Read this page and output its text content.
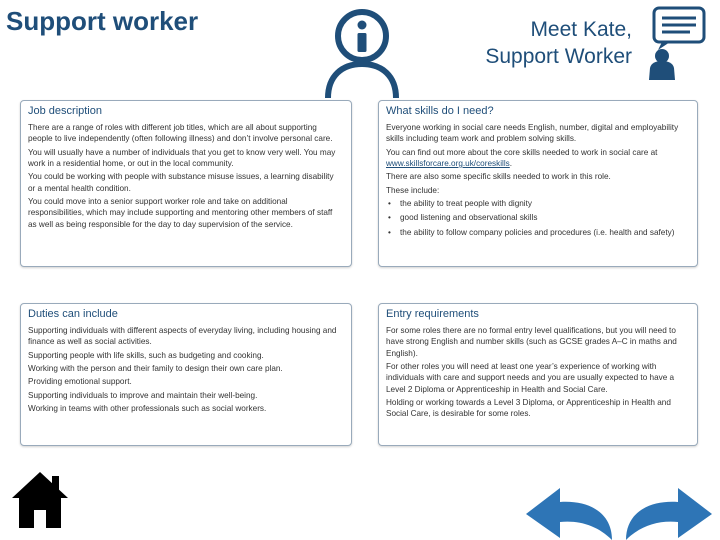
Support worker	Meet Kate,
Support Worker
Job description

There are a range of roles with different job titles, which are all about supporting people to live independently (often following illness) and don’t involve personal care.

You will usually have a number of individuals that you get to know very well. You may work in a residential home, or out in the local community.

You could be working with people with substance misuse issues, a learning disability or a mental health condition.

You could move into a senior support worker role and take on additional responsibilities, which may include supporting and mentoring other members of staff as well as being responsible for the day to day supervision of the service.

What skills do I need?

Everyone working in social care needs English, number, digital and employability skills including team work and problem solving skills.

You can find out more about the core skills needed to work in social care at www.skillsforcare.org.uk/coreskills.

There are also some specific skills needed to work in this role.

These include:

• the ability to treat people with dignity
• good listening and observational skills
• the ability to follow company policies and procedures (i.e. health and safety)
Duties can include

Supporting individuals with different aspects of everyday living, including housing and finance as well as social activities.

Supporting people with life skills, such as budgeting and cooking.

Working with the person and their family to design their own care plan.

Providing emotional support.

Supporting individuals to improve and maintain their well-being.

Working in teams with other professionals such as social workers.

Entry requirements

For some roles there are no formal entry level qualifications, but you will need to have strong English and number skills (such as GCSE grades A–C in maths and English).

For other roles you will need at least one year’s experience of working with individuals with care and support needs and you are usually expected to have a Level 2 Diploma or Apprenticeship in Health and Social Care.

Holding or working towards a Level 3 Diploma, or Apprenticeship in Health and Social Care, is desirable for some roles.
